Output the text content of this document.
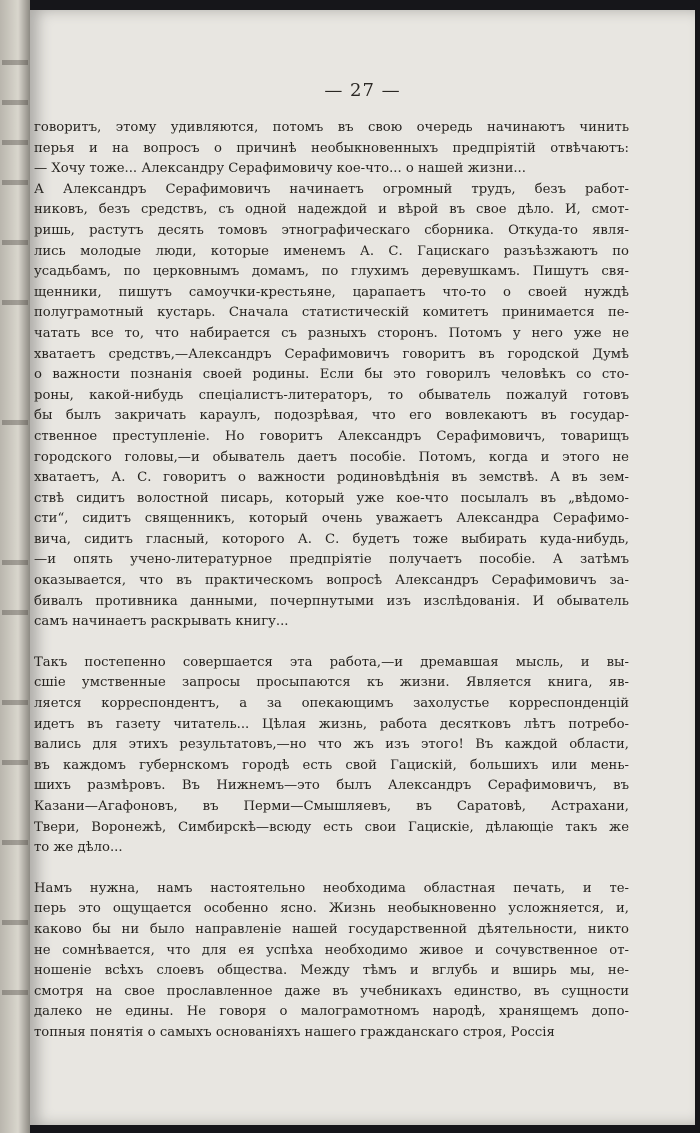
— 27 —
говоритъ, этому удивляются, потомъ въ свою очередь начинаютъ чинить
перья и на вопросъ о причинѣ необыкновенныхъ предпріятій отвѣчаютъ:
— Хочу тоже... Александру Серафимовичу кое-что... о нашей жизни...
А Александръ Серафимовичъ начинаетъ огромный трудъ, безъ работ-
никовъ, безъ средствъ, съ одной надеждой и вѣрой въ свое дѣло. И, смот-
ришь, растутъ десять томовъ этнографическаго сборника. Откуда-то явля-
лись молодые люди, которые именемъ А. С. Гацискаго разъѣзжаютъ по
усадьбамъ, по церковнымъ домамъ, по глухимъ деревушкамъ. Пишутъ свя-
щенники, пишутъ самоучки-крестьяне, царапаетъ что-то о своей нуждѣ
полуграмотный кустарь. Сначала статистическій комитетъ принимается пе-
чатать все то, что набирается съ разныхъ сторонъ. Потомъ у него уже не
хватаетъ средствъ,—Александръ Серафимовичъ говоритъ въ городской Думѣ
о важности познанія своей родины. Если бы это говорилъ человѣкъ со сто-
роны, какой-нибудь спеціалистъ-литераторъ, то обыватель пожалуй готовъ
бы былъ закричать караулъ, подозрѣвая, что его вовлекаютъ въ государ-
ственное преступленіе. Но говоритъ Александръ Серафимовичъ, товарищъ
городского головы,—и обыватель даетъ пособіе. Потомъ, когда и этого не
хватаетъ, А. С. говоритъ о важности родиновѣдѣнія въ земствѣ. А въ зем-
ствѣ сидитъ волостной писарь, который уже кое-что посылалъ въ „вѣдомо-
сти“, сидитъ священникъ, который очень уважаетъ Александра Серафимо-
вича, сидитъ гласный, которого А. С. будетъ тоже выбирать куда-нибудь,
—и опять учено-литературное предпріятіе получаетъ пособіе. А затѣмъ
оказывается, что въ практическомъ вопросѣ Александръ Серафимовичъ за-
бивалъ противника данными, почерпнутыми изъ изслѣдованія. И обыватель
самъ начинаетъ раскрывать книгу...
Такъ постепенно совершается эта работа,—и дремавшая мысль, и вы-
сшіе умственные запросы просыпаются къ жизни. Является книга, яв-
ляется корреспондентъ, а за опекающимъ захолустье корреспонденцій
идетъ въ газету читатель... Цѣлая жизнь, работа десятковъ лѣтъ потребо-
вались для этихъ результатовъ,—но что жъ изъ этого! Въ каждой области,
въ каждомъ губернскомъ городѣ есть свой Гацискій, большихъ или мень-
шихъ размѣровъ. Въ Нижнемъ—это былъ Александръ Серафимовичъ, въ
Казани—Агафоновъ, въ Перми—Смышляевъ, въ Саратовѣ, Астрахани,
Твери, Воронежѣ, Симбирскѣ—всюду есть свои Гацискіе, дѣлающіе такъ же
то же дѣло...
Намъ нужна, намъ настоятельно необходима областная печать, и те-
перь это ощущается особенно ясно. Жизнь необыкновенно усложняется, и,
каково бы ни было направленіе нашей государственной дѣятельности, никто
не сомнѣвается, что для ея успѣха необходимо живое и сочувственное от-
ношеніе всѣхъ слоевъ общества. Между тѣмъ и вглубь и вширь мы, не-
смотря на свое прославленное даже въ учебникахъ единство, въ сущности
далеко не едины. Не говоря о малограмотномъ народѣ, хранящемъ допо-
топныя понятія о самыхъ основаніяхъ нашего гражданскаго строя, Россія
